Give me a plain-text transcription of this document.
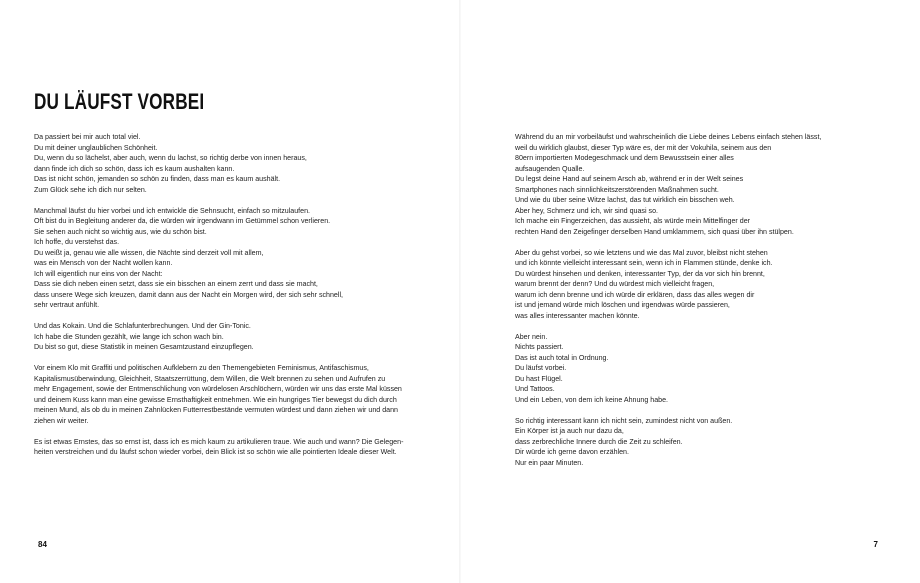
DU LÄUFST VORBEI
Da passiert bei mir auch total viel.
Du mit deiner unglaublichen Schönheit.
Du, wenn du so lächelst, aber auch, wenn du lachst, so richtig derbe von innen heraus,
dann finde ich dich so schön, dass ich es kaum aushalten kann.
Das ist nicht schön, jemanden so schön zu finden, dass man es kaum aushält.
Zum Glück sehe ich dich nur selten.
Manchmal läufst du hier vorbei und ich entwickle die Sehnsucht, einfach so mitzulaufen.
Oft bist du in Begleitung anderer da, die würden wir irgendwann im Getümmel schon verlieren.
Sie sehen auch nicht so wichtig aus, wie du schön bist.
Ich hoffe, du verstehst das.
Du weißt ja, genau wie alle wissen, die Nächte sind derzeit voll mit allem,
was ein Mensch von der Nacht wollen kann.
Ich will eigentlich nur eins von der Nacht:
Dass sie dich neben einen setzt, dass sie ein bisschen an einem zerrt und dass sie macht,
dass unsere Wege sich kreuzen, damit dann aus der Nacht ein Morgen wird, der sich sehr schnell,
sehr vertraut anfühlt.
Und das Kokain. Und die Schlafunterbrechungen. Und der Gin-Tonic.
Ich habe die Stunden gezählt, wie lange ich schon wach bin.
Du bist so gut, diese Statistik in meinen Gesamtzustand einzupflegen.
Vor einem Klo mit Graffiti und politischen Aufklebern zu den Themengebieten Feminismus, Antifaschismus,
Kapitalismusüberwindung, Gleichheit, Staatszerrüttung, dem Willen, die Welt brennen zu sehen und Aufrufen zu
mehr Engagement, sowie der Entmenschlichung von würdelosen Arschlöchern, würden wir uns das erste Mal küssen
und deinem Kuss kann man eine gewisse Ernsthaftigkeit entnehmen. Wie ein hungriges Tier bewegst du dich durch
meinen Mund, als ob du in meinen Zahnlücken Futterrestbestände vermuten würdest und dann ziehen wir und dann
ziehen wir weiter.
Es ist etwas Ernstes, das so ernst ist, dass ich es mich kaum zu artikulieren traue. Wie auch und wann? Die Gelegen-
heiten verstreichen und du läufst schon wieder vorbei, dein Blick ist so schön wie alle pointierten Ideale dieser Welt.
84
Während du an mir vorbeiläufst und wahrscheinlich die Liebe deines Lebens einfach stehen lässt,
weil du wirklich glaubst, dieser Typ wäre es, der mit der Vokuhila, seinem aus den
80ern importierten Modegeschmack und dem Bewusstsein einer alles
aufsaugenden Qualle.
Du legst deine Hand auf seinem Arsch ab, während er in der Welt seines
Smartphones nach sinnlichkeitszerstörenden Maßnahmen sucht.
Und wie du über seine Witze lachst, das tut wirklich ein bisschen weh.
Aber hey, Schmerz und ich, wir sind quasi so.
Ich mache ein Fingerzeichen, das aussieht, als würde mein Mittelfinger der
rechten Hand den Zeigefinger derselben Hand umklammern, sich quasi über ihn stülpen.
Aber du gehst vorbei, so wie letztens und wie das Mal zuvor, bleibst nicht stehen
und ich könnte vielleicht interessant sein, wenn ich in Flammen stünde, denke ich.
Du würdest hinsehen und denken, interessanter Typ, der da vor sich hin brennt,
warum brennt der denn? Und du würdest mich vielleicht fragen,
warum ich denn brenne und ich würde dir erklären, dass das alles wegen dir
ist und jemand würde mich löschen und irgendwas würde passieren,
was alles interessanter machen könnte.
Aber nein.
Nichts passiert.
Das ist auch total in Ordnung.
Du läufst vorbei.
Du hast Flügel.
Und Tattoos.
Und ein Leben, von dem ich keine Ahnung habe.
So richtig interessant kann ich nicht sein, zumindest nicht von außen.
Ein Körper ist ja auch nur dazu da,
dass zerbrechliche Innere durch die Zeit zu schleifen.
Dir würde ich gerne davon erzählen.
Nur ein paar Minuten.
7
